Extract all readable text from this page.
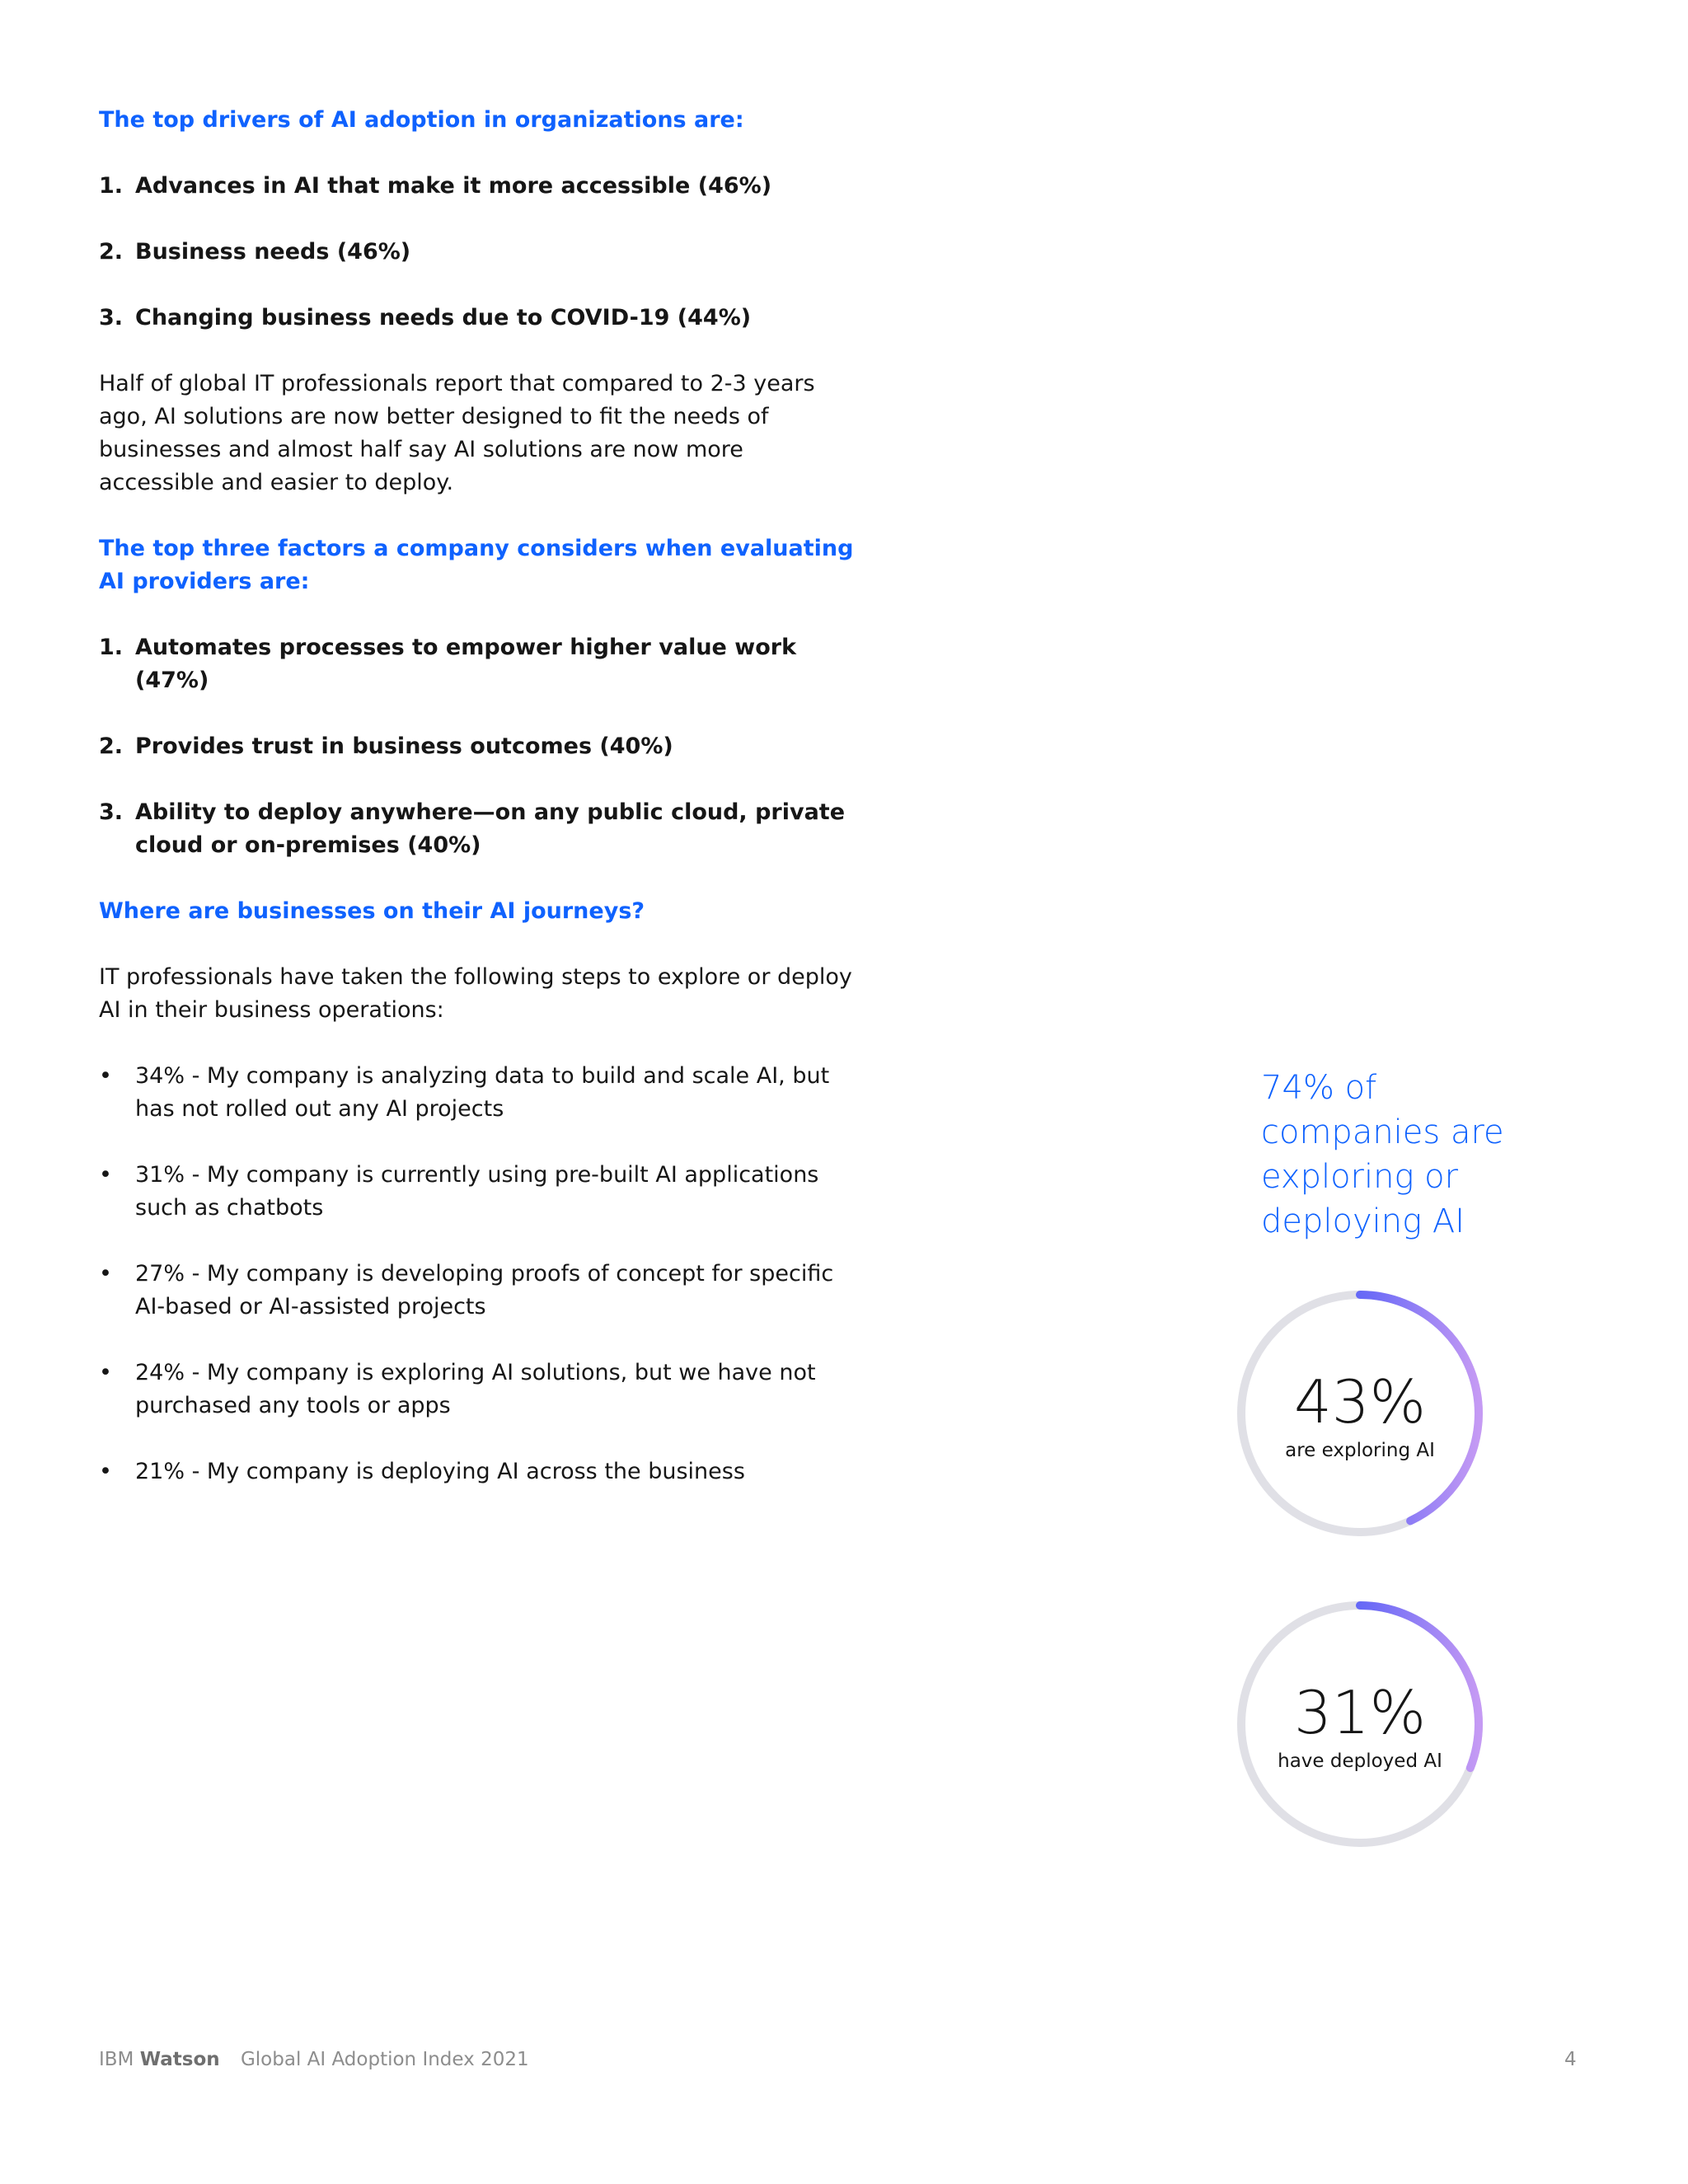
The top drivers of AI adoption in organizations are:

1. Advances in AI that make it more accessible (46%)

2. Business needs (46%)

3. Changing business needs due to COVID-19 (44%)

Half of global IT professionals report that compared to 2-3 years ago, AI solutions are now better designed to fit the needs of businesses and almost half say AI solutions are now more accessible and easier to deploy.

The top three factors a company considers when evaluating AI providers are:

1. Automates processes to empower higher value work (47%)

2. Provides trust in business outcomes (40%)

3. Ability to deploy anywhere—on any public cloud, private cloud or on-premises (40%)

Where are businesses on their AI journeys?

IT professionals have taken the following steps to explore or deploy AI in their business operations:

•	34% - My company is analyzing data to build and scale AI, but has not rolled out any AI projects

•	31% - My company is currently using pre-built AI applications such as chatbots

•	27% - My company is developing proofs of concept for specific AI-based or AI-assisted projects

•	24% - My company is exploring AI solutions, but we have not purchased any tools or apps

•	21% - My company is deploying AI across the business

74% of companies are exploring or deploying AI

43%
are exploring AI
31%
have deployed AI
IBM Watson Global AI Adoption Index 2021	4
